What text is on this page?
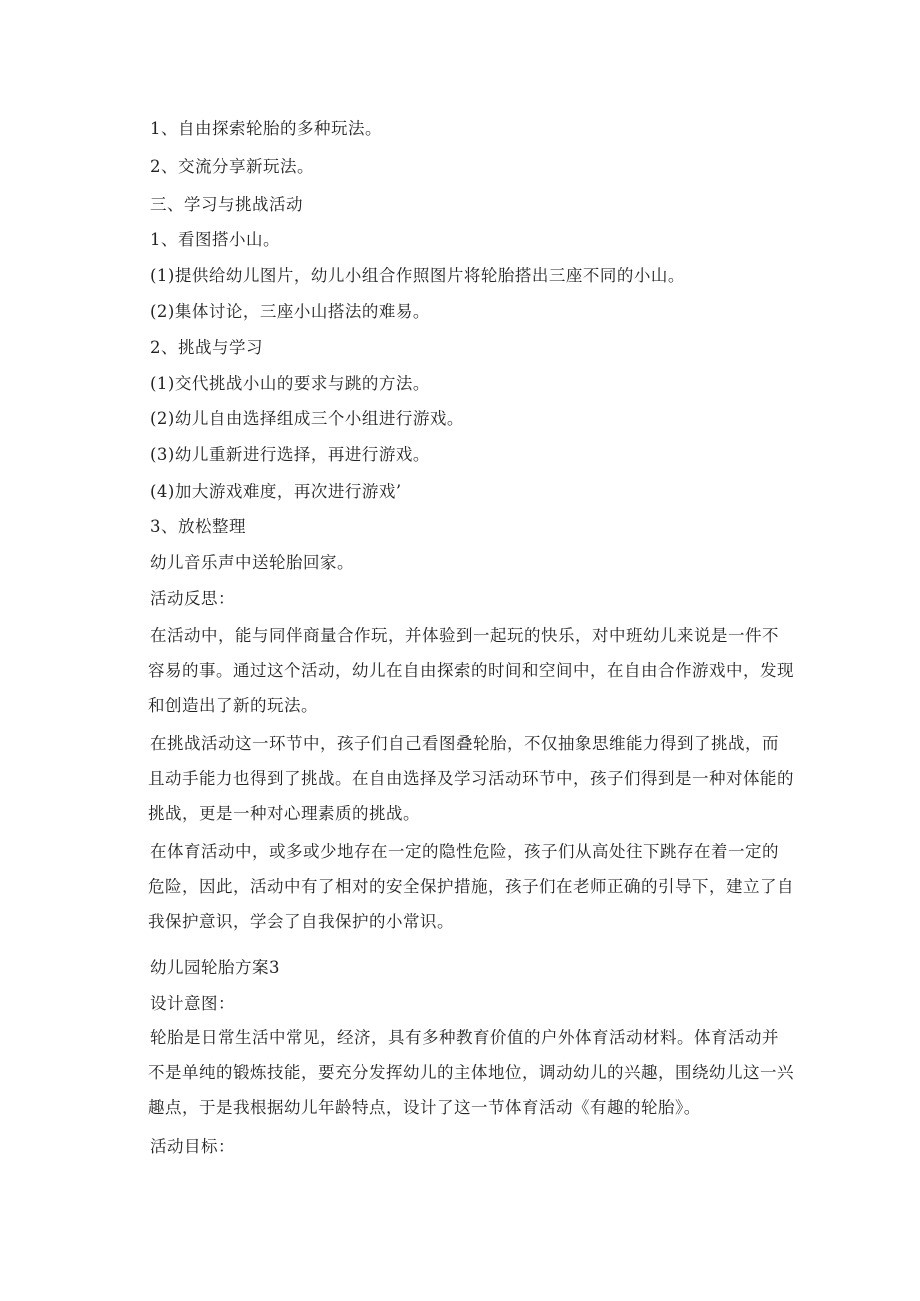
1、自由探索轮胎的多种玩法。
2、交流分享新玩法。
三、学习与挑战活动
1、看图搭小山。
(1)提供给幼儿图片，幼儿小组合作照图片将轮胎搭出三座不同的小山。
(2)集体讨论，三座小山搭法的难易。
2、挑战与学习
(1)交代挑战小山的要求与跳的方法。
(2)幼儿自由选择组成三个小组进行游戏。
(3)幼儿重新进行选择，再进行游戏。
(4)加大游戏难度，再次进行游戏’
3、放松整理
幼儿音乐声中送轮胎回家。
活动反思：
在活动中，能与同伴商量合作玩，并体验到一起玩的快乐，对中班幼儿来说是一件不
容易的事。通过这个活动，幼儿在自由探索的时间和空间中，在自由合作游戏中，发现
和创造出了新的玩法。
在挑战活动这一环节中，孩子们自己看图叠轮胎，不仅抽象思维能力得到了挑战，而
且动手能力也得到了挑战。在自由选择及学习活动环节中，孩子们得到是一种对体能的
挑战，更是一种对心理素质的挑战。
在体育活动中，或多或少地存在一定的隐性危险，孩子们从高处往下跳存在着一定的
危险，因此，活动中有了相对的安全保护措施，孩子们在老师正确的引导下，建立了自
我保护意识，学会了自我保护的小常识。
幼儿园轮胎方案3
设计意图：
轮胎是日常生活中常见，经济，具有多种教育价值的户外体育活动材料。体育活动并
不是单纯的锻炼技能，要充分发挥幼儿的主体地位，调动幼儿的兴趣，围绕幼儿这一兴
趣点，于是我根据幼儿年龄特点，设计了这一节体育活动《有趣的轮胎》。
活动目标：
